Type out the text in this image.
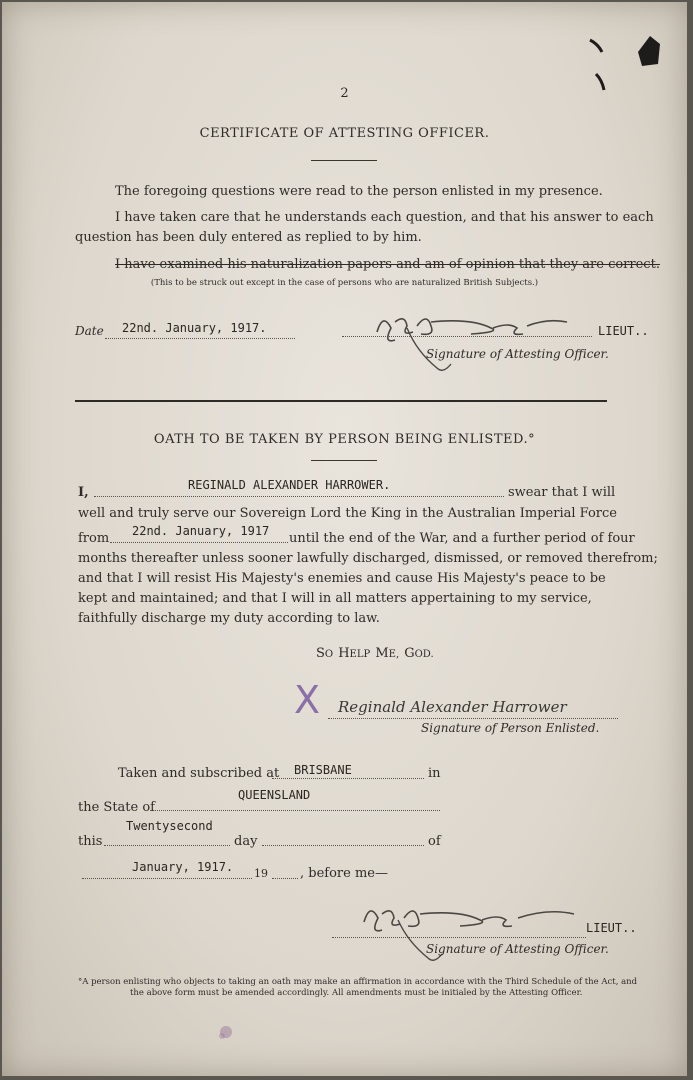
2
CERTIFICATE OF ATTESTING OFFICER.
The foregoing questions were read to the person enlisted in my presence.
I have taken care that he understands each question, and that his answer to each
question has been duly entered as replied to by him.
I have examined his naturalization papers and am of opinion that they are correct.
(This to be struck out except in the case of persons who are naturalized British Subjects.)
Date 22nd. January, 1917.	LIEUT..
Signature of Attesting Officer.
OATH TO BE TAKEN BY PERSON BEING ENLISTED.°
I,	REGINALD ALEXANDER HARROWER.	swear that I will
well and truly serve our Sovereign Lord the King in the Australian Imperial Force
from 22nd. January, 1917 until the end of the War, and a further period of four
months thereafter unless sooner lawfully discharged, dismissed, or removed therefrom;
and that I will resist His Majesty's enemies and cause His Majesty's peace to be
kept and maintained; and that I will in all matters appertaining to my service,
faithfully discharge my duty according to law.
SO HELP ME, GOD.
X Reginald Alexander Harrower
Signature of Person Enlisted.
Taken and subscribed at BRISBANE	in
the State of
QUEENSLAND
this
Twentysecond
day	of
January, 1917. 19 , before me—
LIEUT..
Signature of Attesting Officer.
°A person enlisting who objects to taking an oath may make an affirmation in accordance with the Third Schedule of the Act, and
the above form must be amended accordingly. All amendments must be initialed by the Attesting Officer.
